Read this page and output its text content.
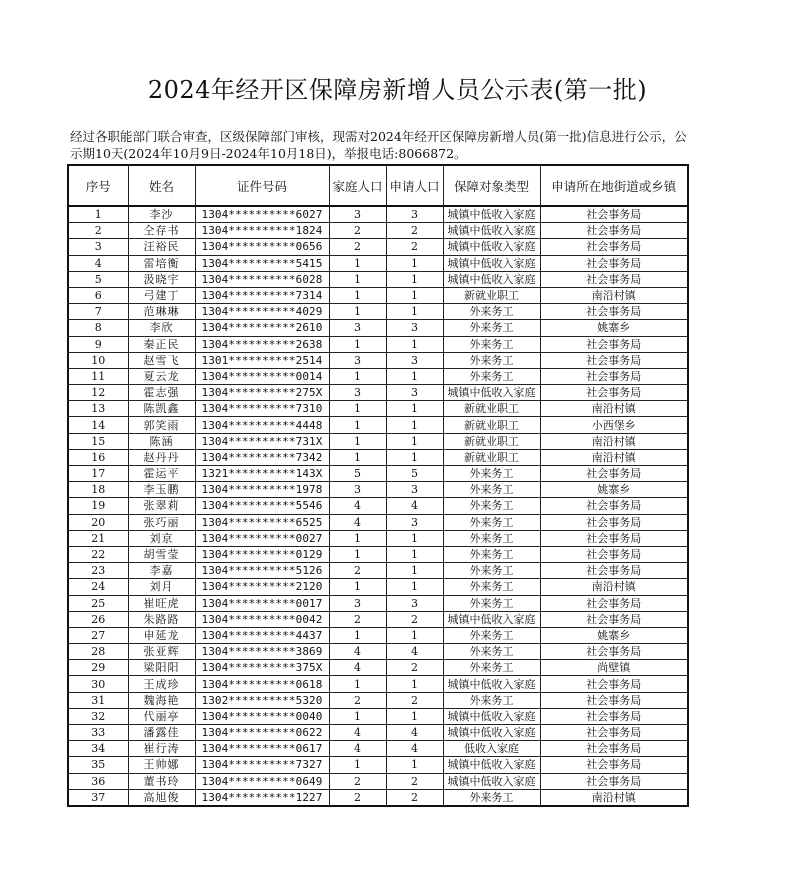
2024年经开区保障房新增人员公示表(第一批)

经过各职能部门联合审查，区级保障部门审核，现需对2024年经开区保障房新增人员(第一批)信息进行公示，公示期10天(2024年10月9日-2024年10月18日)，举报电话:8066872。

序号	姓名	证件号码	家庭人口	申请人口	保障对象类型	申请所在地街道或乡镇
1	李沙	1304**********6027	3	3	城镇中低收入家庭	社会事务局
2	仝存书	1304**********1824	2	2	城镇中低收入家庭	社会事务局
3	汪裕民	1304**********0656	2	2	城镇中低收入家庭	社会事务局
4	雷培衡	1304**********5415	1	1	城镇中低收入家庭	社会事务局
5	汲晓宇	1304**********6028	1	1	城镇中低收入家庭	社会事务局
6	弓建丁	1304**********7314	1	1	新就业职工	南沿村镇
7	范琳琳	1304**********4029	1	1	外来务工	社会事务局
8	李欣	1304**********2610	3	3	外来务工	姚寨乡
9	秦正民	1304**********2638	1	1	外来务工	社会事务局
10	赵雪飞	1301**********2514	3	3	外来务工	社会事务局
11	夏云龙	1304**********0014	1	1	外来务工	社会事务局
12	霍志强	1304**********275X	3	3	城镇中低收入家庭	社会事务局
13	陈凯鑫	1304**********7310	1	1	新就业职工	南沿村镇
14	郭笑雨	1304**********4448	1	1	新就业职工	小西堡乡
15	陈涵	1304**********731X	1	1	新就业职工	南沿村镇
16	赵丹丹	1304**********7342	1	1	新就业职工	南沿村镇
17	霍运平	1321**********143X	5	5	外来务工	社会事务局
18	李玉鹏	1304**********1978	3	3	外来务工	姚寨乡
19	张翠莉	1304**********5546	4	4	外来务工	社会事务局
20	张巧丽	1304**********6525	4	3	外来务工	社会事务局
21	刘京	1304**********0027	1	1	外来务工	社会事务局
22	胡雪莹	1304**********0129	1	1	外来务工	社会事务局
23	李嘉	1304**********5126	2	1	外来务工	社会事务局
24	刘月	1304**********2120	1	1	外来务工	南沿村镇
25	崔旺虎	1304**********0017	3	3	外来务工	社会事务局
26	朱路路	1304**********0042	2	2	城镇中低收入家庭	社会事务局
27	申延龙	1304**********4437	1	1	外来务工	姚寨乡
28	张亚辉	1304**********3869	4	4	外来务工	社会事务局
29	梁阳阳	1304**********375X	4	2	外来务工	尚壁镇
30	王成珍	1304**********0618	1	1	城镇中低收入家庭	社会事务局
31	魏海艳	1302**********5320	2	2	外来务工	社会事务局
32	代丽亭	1304**********0040	1	1	城镇中低收入家庭	社会事务局
33	潘露佳	1304**********0622	4	4	城镇中低收入家庭	社会事务局
34	崔行涛	1304**********0617	4	4	低收入家庭	社会事务局
35	王帅娜	1304**********7327	1	1	城镇中低收入家庭	社会事务局
36	董书玲	1304**********0649	2	2	城镇中低收入家庭	社会事务局
37	高旭俊	1304**********1227	2	2	外来务工	南沿村镇
